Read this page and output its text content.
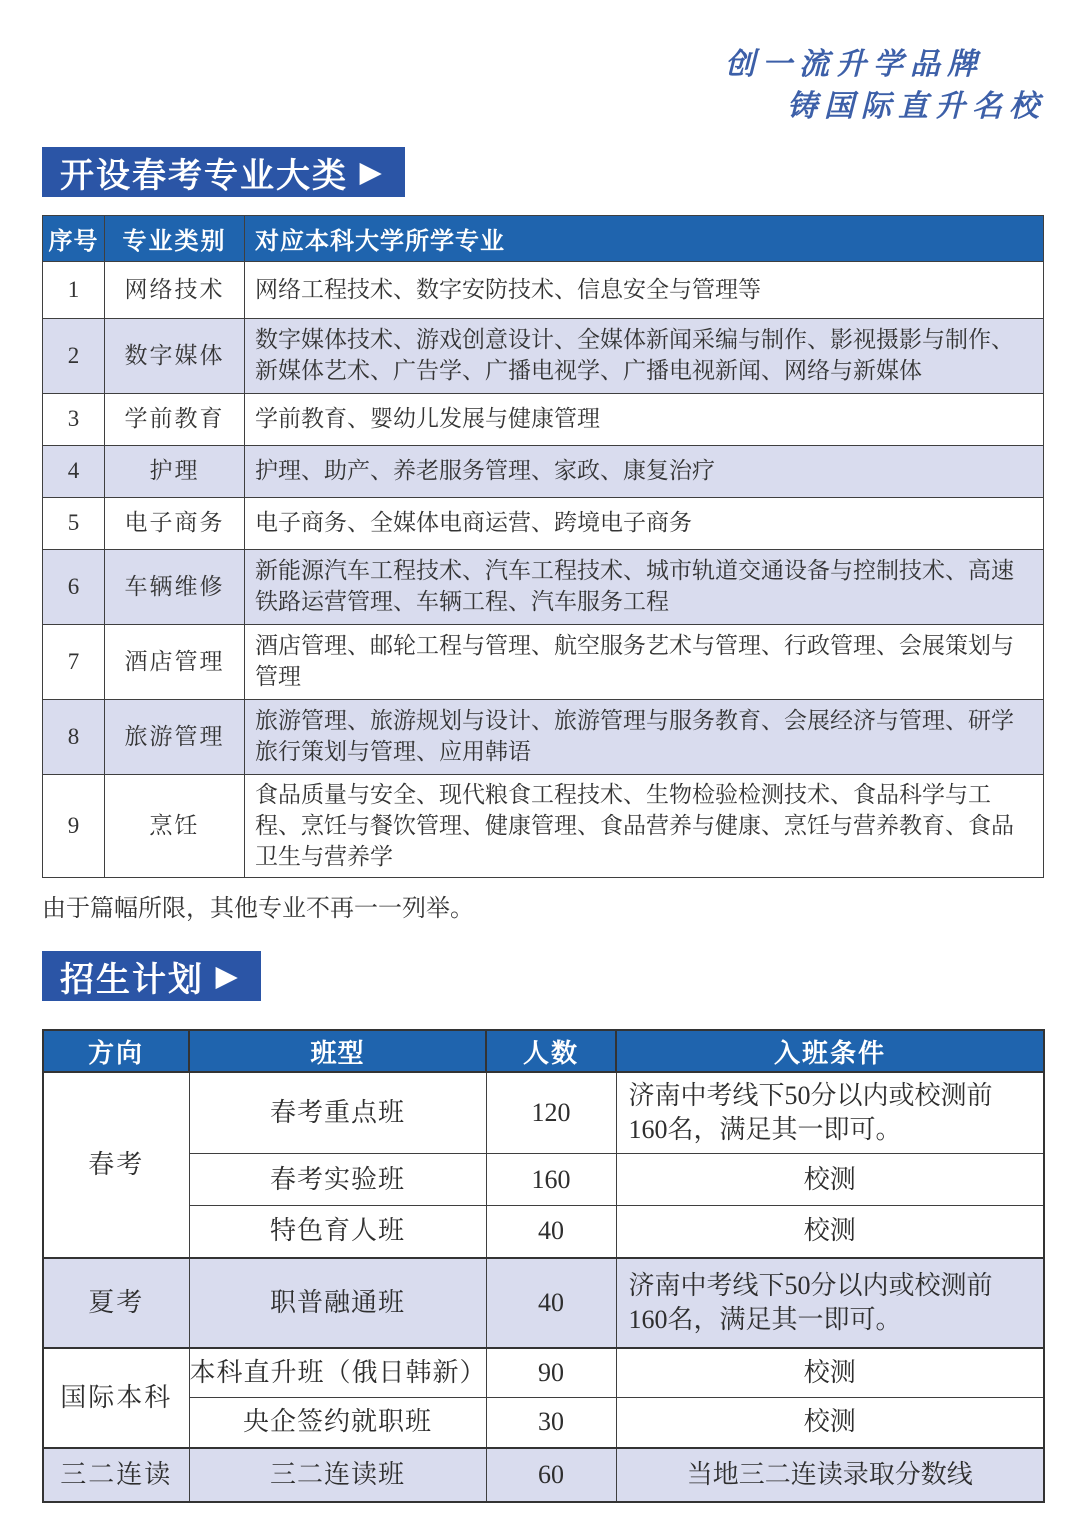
创一流升学品牌
铸国际直升名校
开设春考专业大类 ▶
序号	专业类别	对应本科大学所学专业
1	网络技术	网络工程技术、数字安防技术、信息安全与管理等
2	数字媒体	数字媒体技术、游戏创意设计、全媒体新闻采编与制作、影视摄影与制作、新媒体艺术、广告学、广播电视学、广播电视新闻、网络与新媒体
3	学前教育	学前教育、婴幼儿发展与健康管理
4	护理	护理、助产、养老服务管理、家政、康复治疗
5	电子商务	电子商务、全媒体电商运营、跨境电子商务
6	车辆维修	新能源汽车工程技术、汽车工程技术、城市轨道交通设备与控制技术、高速铁路运营管理、车辆工程、汽车服务工程
7	酒店管理	酒店管理、邮轮工程与管理、航空服务艺术与管理、行政管理、会展策划与管理
8	旅游管理	旅游管理、旅游规划与设计、旅游管理与服务教育、会展经济与管理、研学旅行策划与管理、应用韩语
9	烹饪	食品质量与安全、现代粮食工程技术、生物检验检测技术、食品科学与工程、烹饪与餐饮管理、健康管理、食品营养与健康、烹饪与营养教育、食品卫生与营养学
由于篇幅所限，其他专业不再一一列举。
招生计划 ▶
方向	班型	人数	入班条件
春考	春考重点班	120	济南中考线下50分以内或校测前160名，满足其一即可。
	春考实验班	160	校测
	特色育人班	40	校测
夏考	职普融通班	40	济南中考线下50分以内或校测前160名，满足其一即可。
国际本科	本科直升班（俄日韩新）	90	校测
	央企签约就职班	30	校测
三二连读	三二连读班	60	当地三二连读录取分数线
